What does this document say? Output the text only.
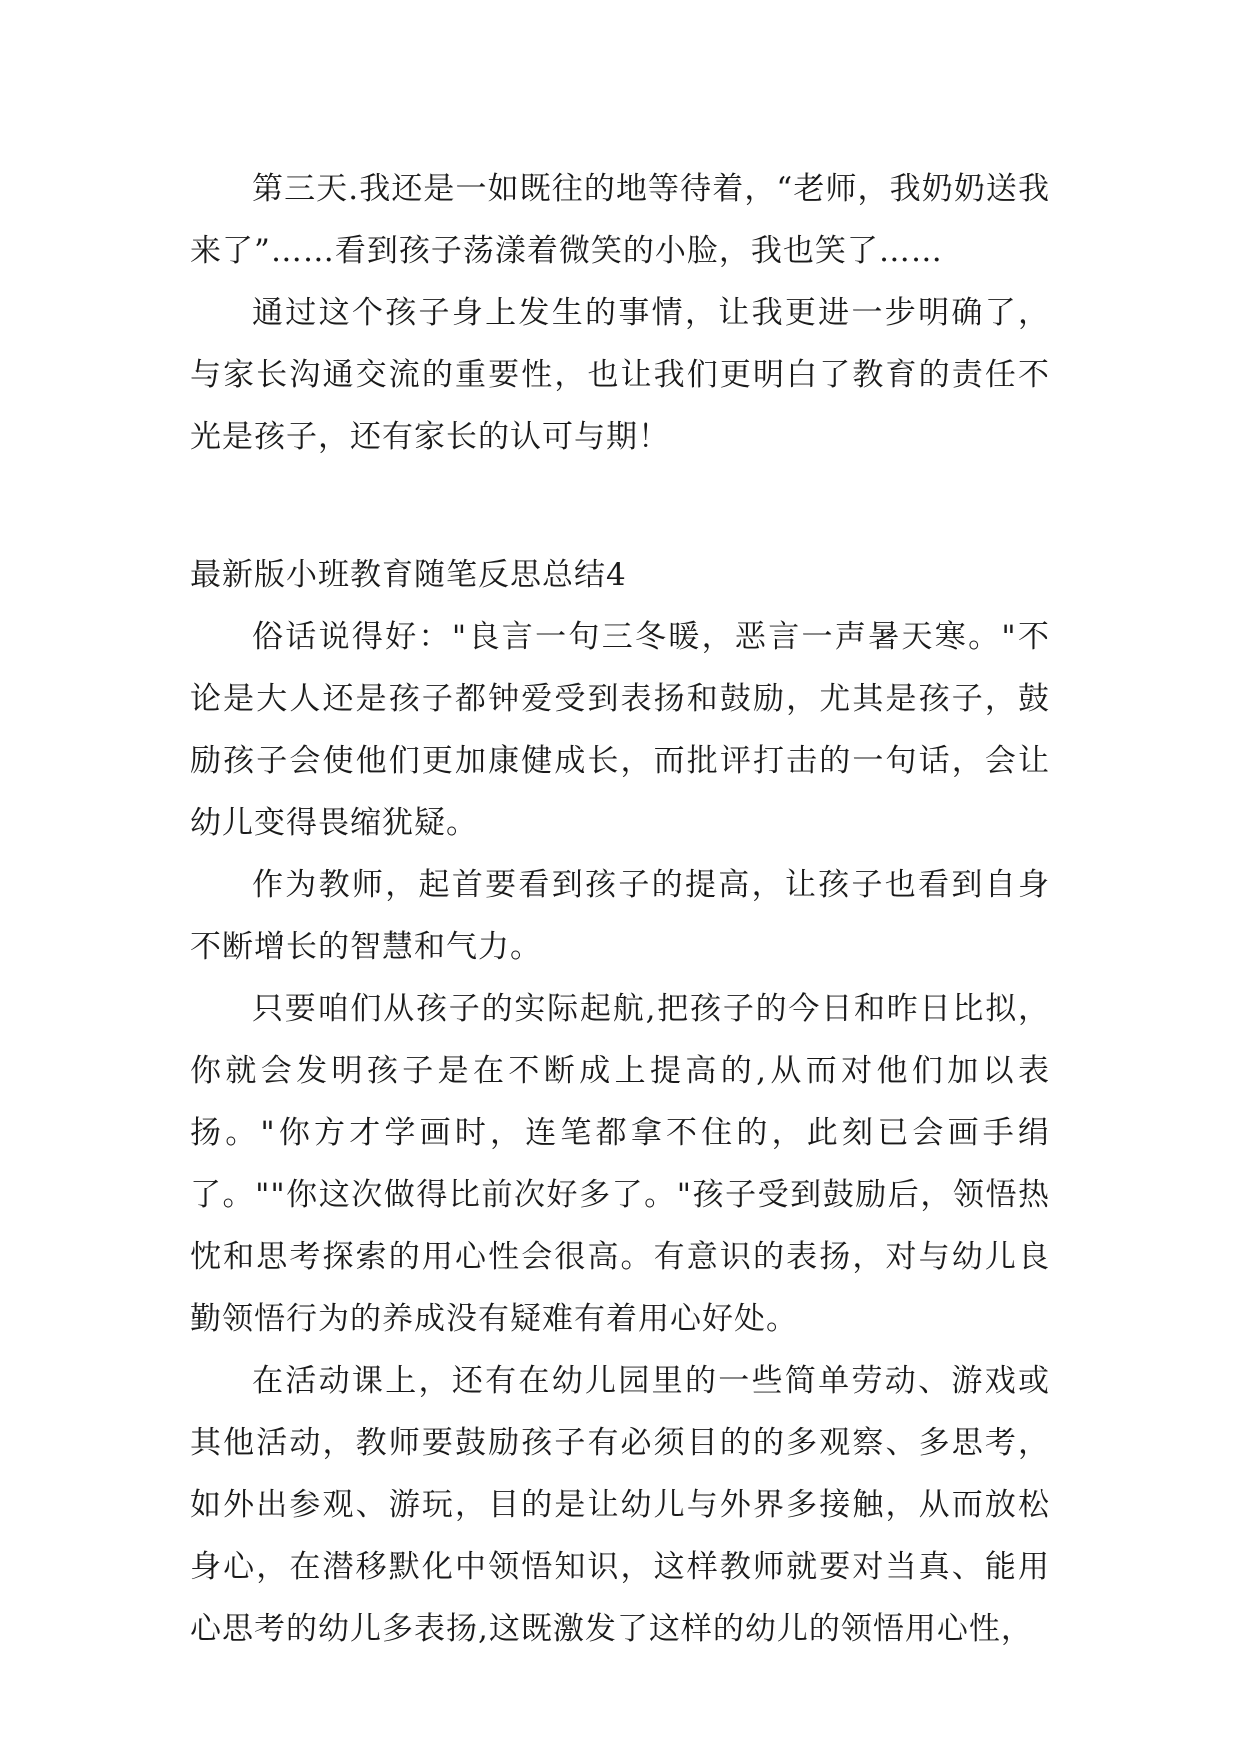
第三天.我还是一如既往的地等待着，“老师，我奶奶送我来了”……看到孩子荡漾着微笑的小脸，我也笑了……

通过这个孩子身上发生的事情，让我更进一步明确了，与家长沟通交流的重要性，也让我们更明白了教育的责任不光是孩子，还有家长的认可与期！

最新版小班教育随笔反思总结4

俗话说得好："良言一句三冬暖，恶言一声暑天寒。"不论是大人还是孩子都钟爱受到表扬和鼓励，尤其是孩子，鼓励孩子会使他们更加康健成长，而批评打击的一句话，会让幼儿变得畏缩犹疑。

作为教师，起首要看到孩子的提高，让孩子也看到自身不断增长的智慧和气力。

只要咱们从孩子的实际起航,把孩子的今日和昨日比拟，你就会发明孩子是在不断成上提高的,从而对他们加以表扬。"你方才学画时，连笔都拿不住的，此刻已会画手绢了。""你这次做得比前次好多了。"孩子受到鼓励后，领悟热忱和思考探索的用心性会很高。有意识的表扬，对与幼儿良勤领悟行为的养成没有疑难有着用心好处。

在活动课上，还有在幼儿园里的一些简单劳动、游戏或其他活动，教师要鼓励孩子有必须目的的多观察、多思考，如外出参观、游玩，目的是让幼儿与外界多接触，从而放松身心，在潜移默化中领悟知识，这样教师就要对当真、能用心思考的幼儿多表扬,这既激发了这样的幼儿的领悟用心性，
